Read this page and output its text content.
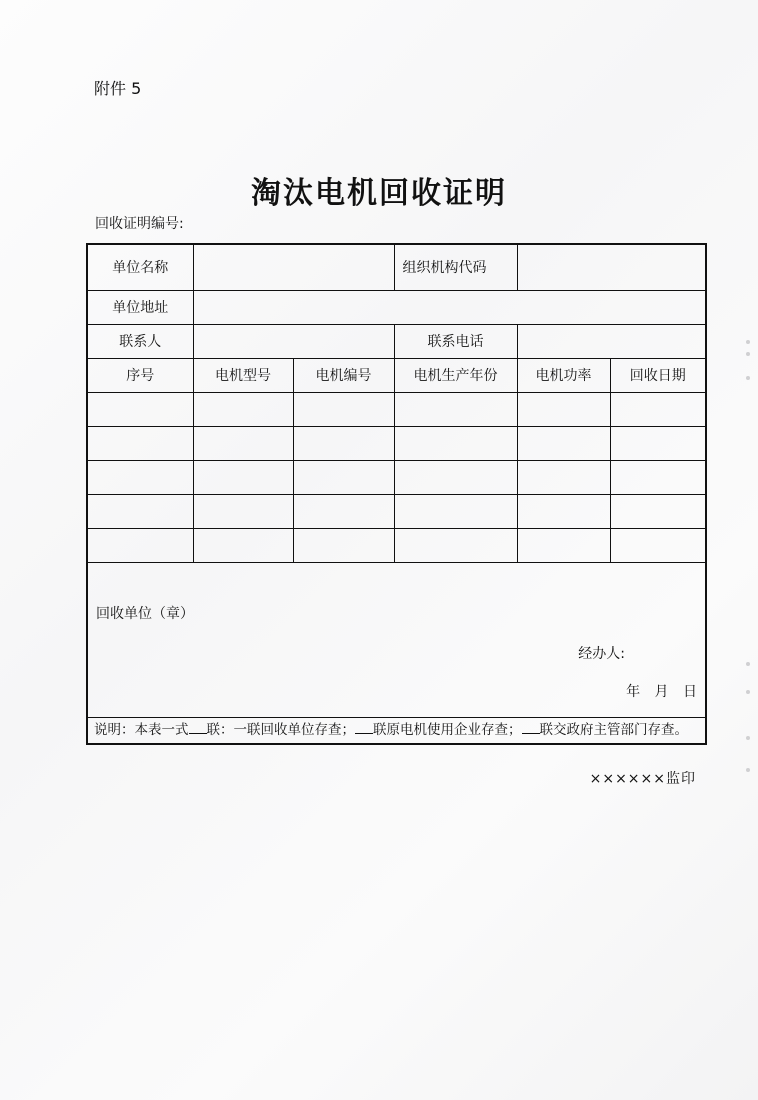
附件 5
淘汰电机回收证明
回收证明编号:
单位名称			组织机构代码		
单位地址					
联系人			联系电话		
序号	电机型号	电机编号	电机生产年份	电机功率	回收日期

回收单位（章）
经办人:
年 月 日					

说明：本表一式 联：一联回收单位存查； 联原电机使用企业存查； 联交政府主管部门存查。					
××××××监印
